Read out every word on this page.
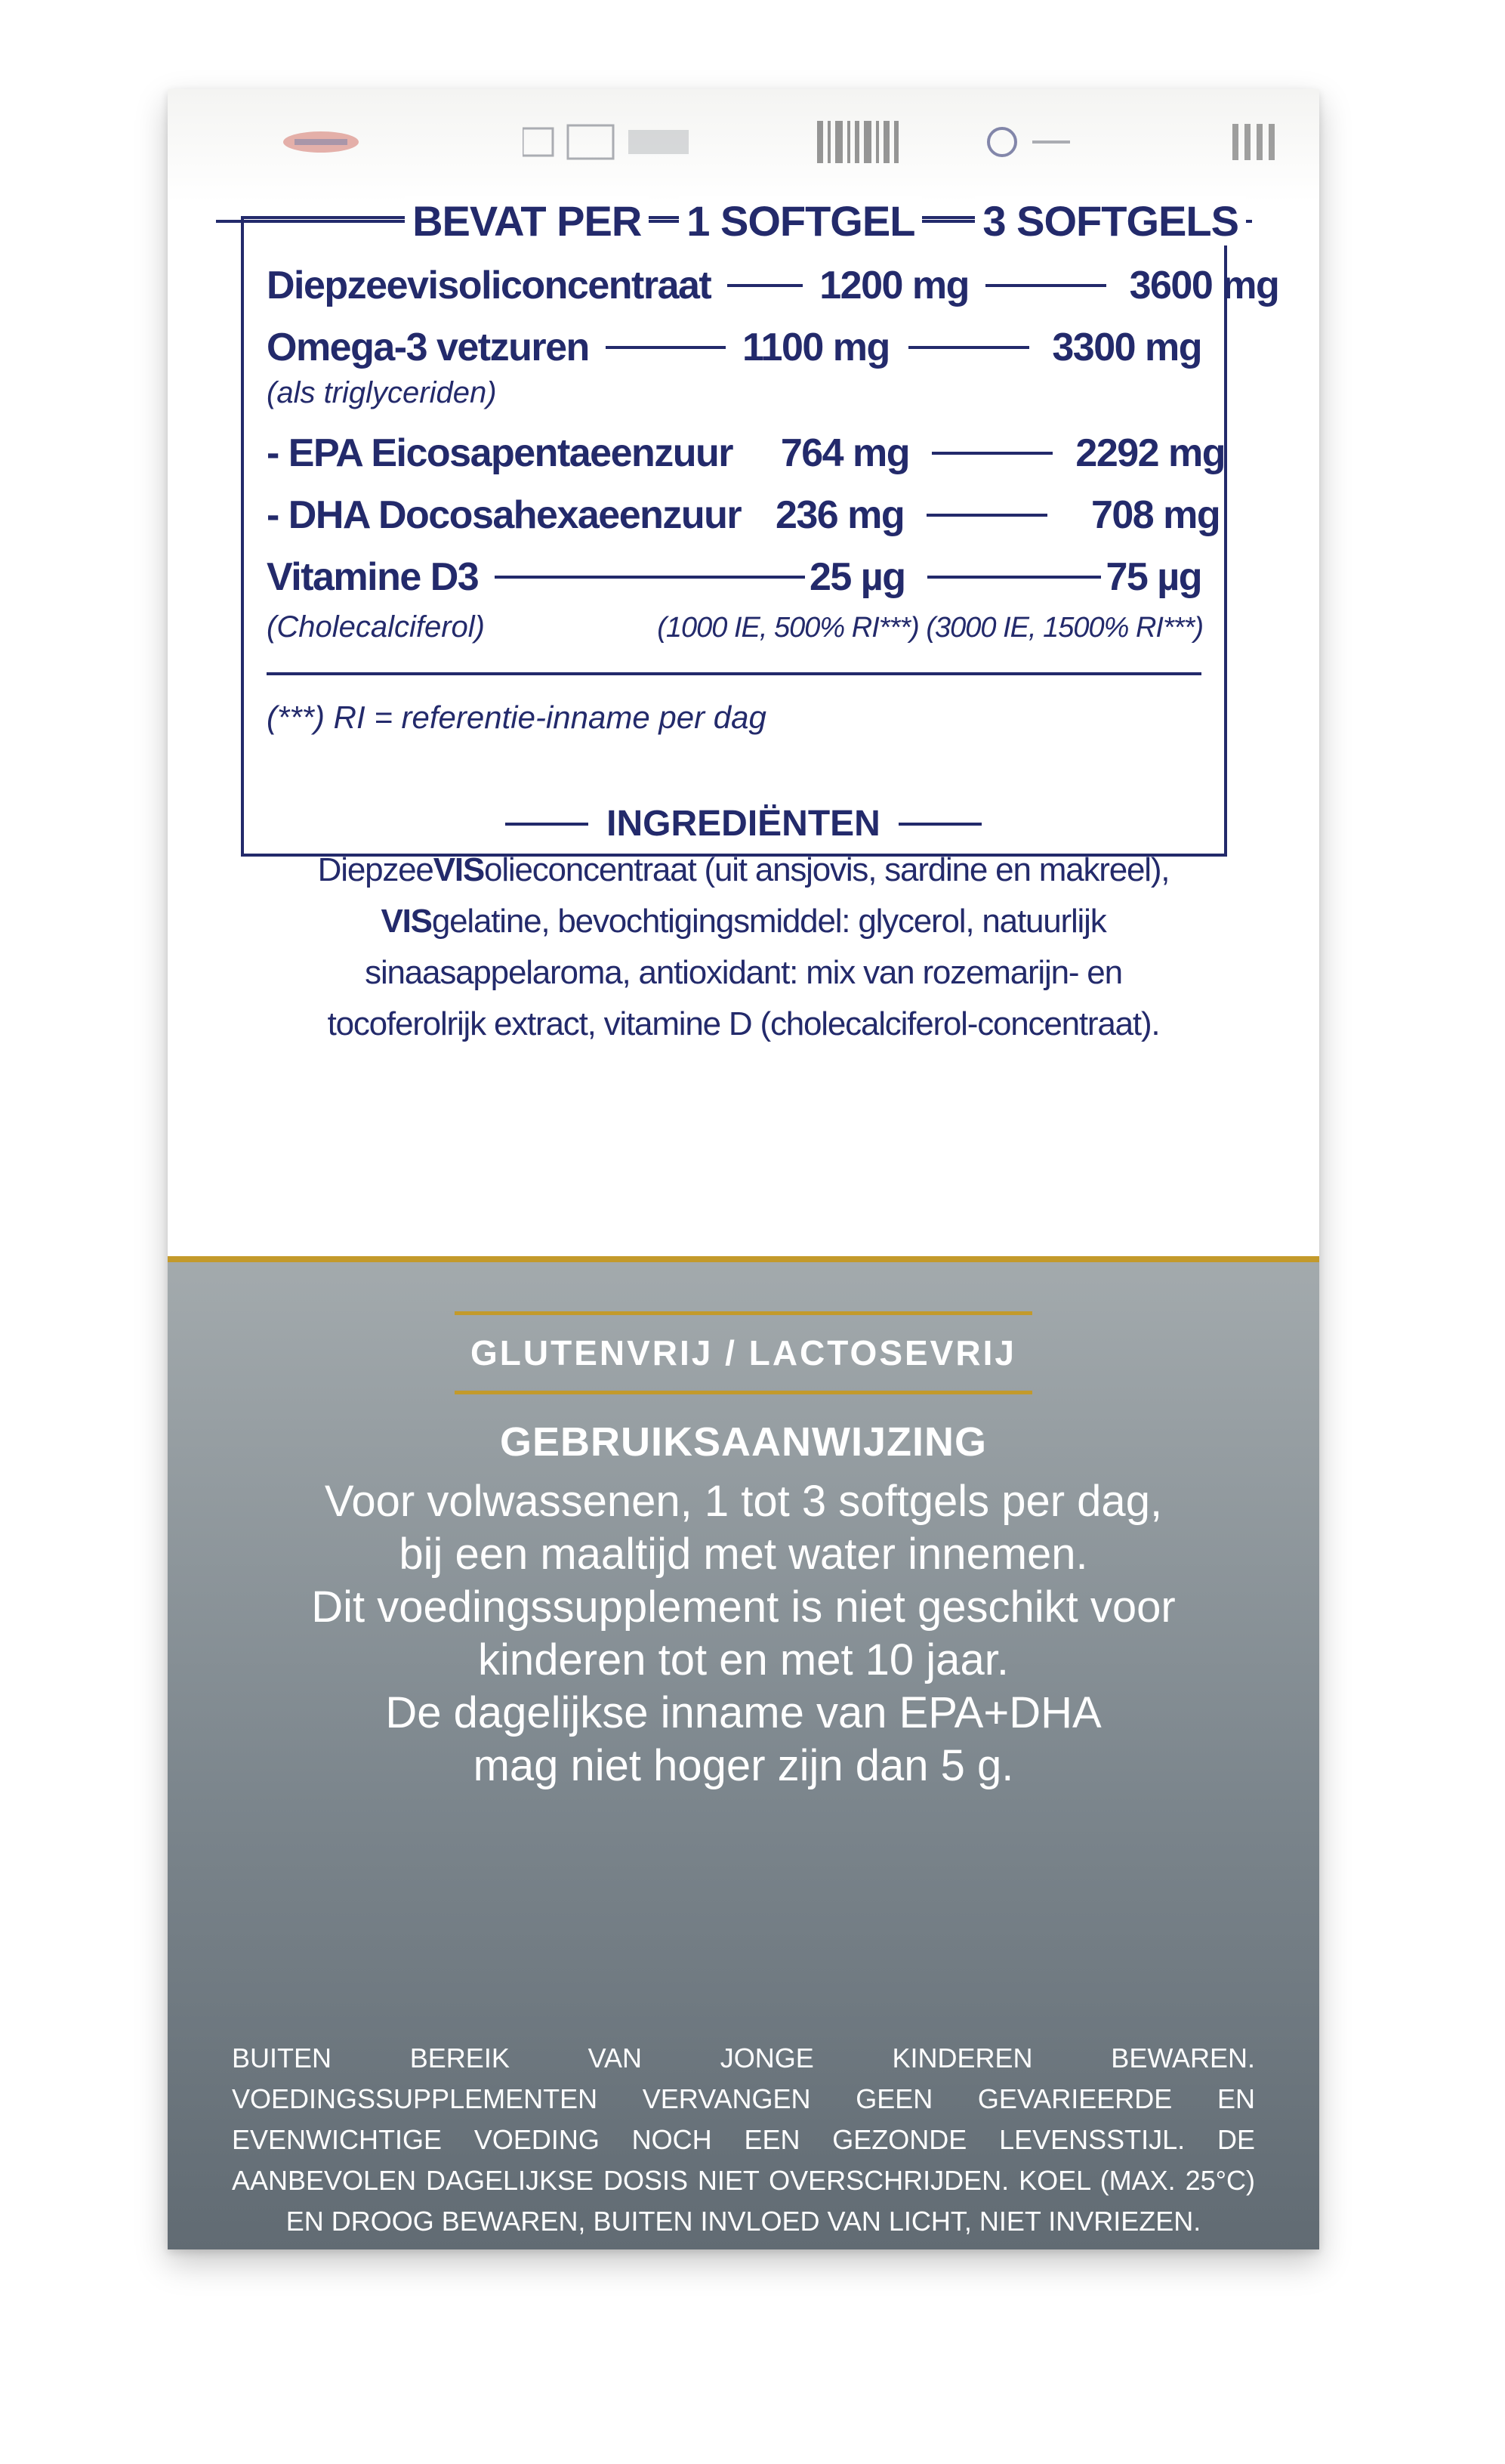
BEVAT PER 1 SOFTGEL 3 SOFTGELS
Diepzeevisoliconcentraat	1200 mg	3600 mg
Omega-3 vetzuren	1100 mg	3300 mg
(als triglyceriden)
- EPA Eicosapentaeenzuur	764 mg	2292 mg
- DHA Docosahexaeenzuur 236 mg	708 mg
Vitamine D3	25 µg	75 µg
(Cholecalciferol)	(1000 IE, 500% RI***) (3000 IE, 1500% RI***)
(***) RI = referentie-inname per dag
INGREDIËNTEN
DiepzeeVISolieconcentraat (uit ansjovis, sardine en makreel),
VISgelatine, bevochtigingsmiddel: glycerol, natuurlijk
sinaasappelaroma, antioxidant: mix van rozemarijn- en
tocoferolrijk extract, vitamine D (cholecalciferol-concentraat).
GLUTENVRIJ / LACTOSEVRIJ
GEBRUIKSAANWIJZING
Voor volwassenen, 1 tot 3 softgels per dag,
bij een maaltijd met water innemen.
Dit voedingssupplement is niet geschikt voor
kinderen tot en met 10 jaar.
De dagelijkse inname van EPA+DHA
mag niet hoger zijn dan 5 g.
BUITEN BEREIK VAN JONGE KINDEREN BEWAREN. VOEDINGSSUPPLEMENTEN VERVANGEN GEEN GEVARIEERDE EN EVENWICHTIGE VOEDING NOCH EEN GEZONDE LEVENSSTIJL. DE AANBEVOLEN DAGELIJKSE DOSIS NIET OVERSCHRIJDEN. KOEL (MAX. 25°C) EN DROOG BEWAREN, BUITEN INVLOED VAN LICHT, NIET INVRIEZEN.
